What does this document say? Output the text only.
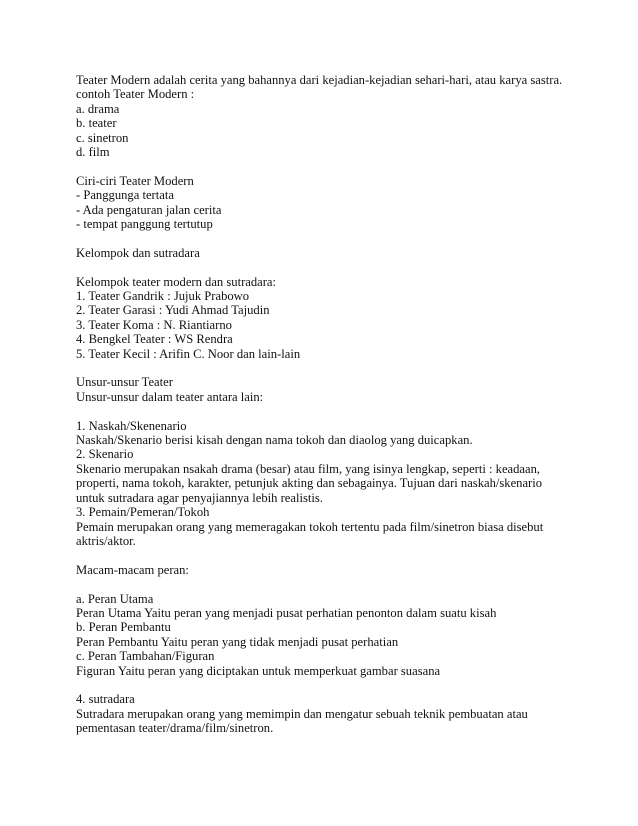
Teater Modern adalah cerita yang bahannya dari kejadian-kejadian sehari-hari, atau karya sastra.
contoh Teater Modern :
a. drama
b. teater
c. sinetron
d. film
Ciri-ciri Teater Modern
- Panggunga tertata
- Ada pengaturan jalan cerita
- tempat panggung tertutup
Kelompok dan sutradara
Kelompok teater modern dan sutradara:
1. Teater Gandrik : Jujuk Prabowo
2. Teater Garasi : Yudi Ahmad Tajudin
3. Teater Koma : N. Riantiarno
4. Bengkel Teater : WS Rendra
5. Teater Kecil : Arifin C. Noor dan lain-lain
Unsur-unsur Teater
Unsur-unsur dalam teater antara lain:
1. Naskah/Skenenario
Naskah/Skenario berisi kisah dengan nama tokoh dan diaolog yang duicapkan.
2. Skenario
Skenario merupakan nsakah drama (besar) atau film, yang isinya lengkap, seperti : keadaan,
properti, nama tokoh, karakter, petunjuk akting dan sebagainya. Tujuan dari naskah/skenario
untuk sutradara agar penyajiannya lebih realistis.
3. Pemain/Pemeran/Tokoh
Pemain merupakan orang yang memeragakan tokoh tertentu pada film/sinetron biasa disebut
aktris/aktor.
Macam-macam peran:
a. Peran Utama
Peran Utama Yaitu peran yang menjadi pusat perhatian penonton dalam suatu kisah
b. Peran Pembantu
Peran Pembantu Yaitu peran yang tidak menjadi pusat perhatian
c. Peran Tambahan/Figuran
Figuran Yaitu peran yang diciptakan untuk memperkuat gambar suasana
4. sutradara
Sutradara merupakan orang yang memimpin dan mengatur sebuah teknik pembuatan atau
pementasan teater/drama/film/sinetron.
